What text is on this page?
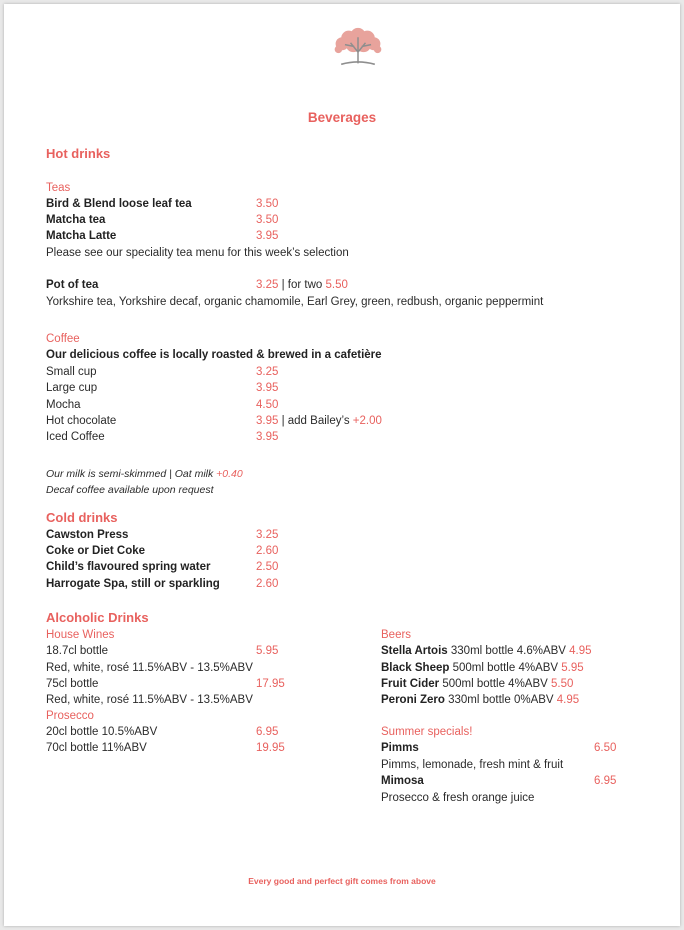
Beverages
Hot drinks
Teas
Bird & Blend loose leaf tea	3.50
Matcha tea	3.50
Matcha Latte	3.95
Please see our speciality tea menu for this week’s selection
Pot of tea	3.25 | for two 5.50
Yorkshire tea, Yorkshire decaf, organic chamomile, Earl Grey, green, redbush, organic peppermint
Coffee
Our delicious coffee is locally roasted & brewed in a cafetière
Small cup	3.25
Large cup	3.95
Mocha	4.50
Hot chocolate	3.95 | add Bailey’s +2.00
Iced Coffee	3.95
Our milk is semi-skimmed | Oat milk +0.40
Decaf coffee available upon request
Cold drinks
Cawston Press	3.25
Coke or Diet Coke	2.60
Child’s flavoured spring water	2.50
Harrogate Spa, still or sparkling	2.60
Alcoholic Drinks
House Wines
18.7cl bottle	5.95
Red, white, rosé 11.5%ABV - 13.5%ABV
75cl bottle	17.95
Red, white, rosé 11.5%ABV - 13.5%ABV
Prosecco
20cl bottle 10.5%ABV	6.95
70cl bottle 11%ABV	19.95
Beers
Stella Artois 330ml bottle 4.6%ABV 4.95
Black Sheep 500ml bottle 4%ABV 5.95
Fruit Cider 500ml bottle 4%ABV 5.50
Peroni Zero 330ml bottle 0%ABV 4.95
Summer specials!
Pimms	6.50
Pimms, lemonade, fresh mint & fruit
Mimosa	6.95
Prosecco & fresh orange juice
Every good and perfect gift comes from above
